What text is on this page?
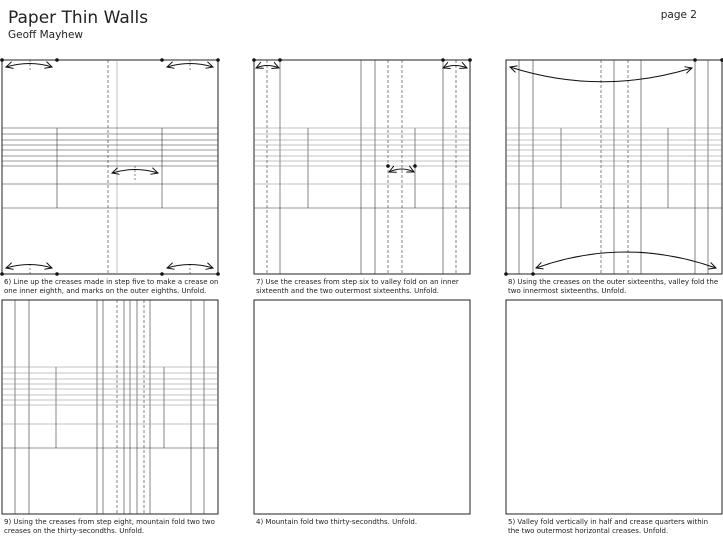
Paper Thin Walls
Geoff Mayhew
page 2
6) Line up the creases made in step five to make a crease on one inner eighth, and marks on the outer eighths. Unfold.
7) Use the creases from step six to valley fold on an inner sixteenth and the two outermost sixteenths. Unfold.
8) Using the creases on the outer sixteenths, valley fold the two innermost sixteenths. Unfold.
9) Using the creases from step eight, mountain fold two two creases on the thirty-secondths. Unfold.
4) Mountain fold two thirty-secondths. Unfold.	5) Valley fold vertically in half and crease quarters within the two outermost horizontal creases. Unfold.
